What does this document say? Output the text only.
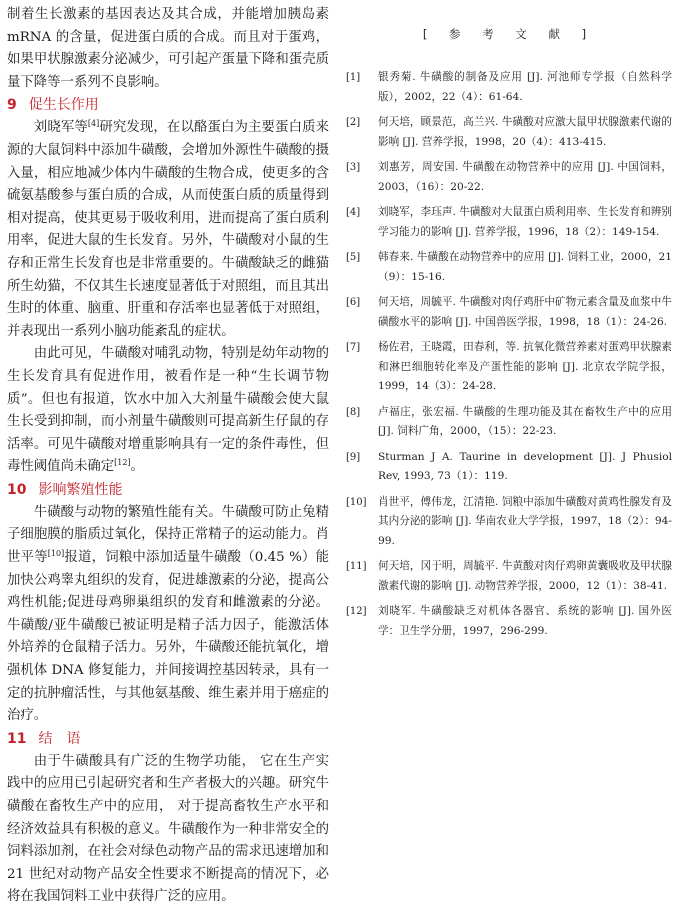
制着生长激素的基因表达及其合成，并能增加胰岛素 mRNA 的含量，促进蛋白质的合成。而且对于蛋鸡，如果甲状腺激素分泌减少，可引起产蛋量下降和蛋壳质量下降等一系列不良影响。

9 促生长作用

刘晓军等[4]研究发现，在以酪蛋白为主要蛋白质来源的大鼠饲料中添加牛磺酸，会增加外源性牛磺酸的摄入量，相应地减少体内牛磺酸的生物合成，使更多的含硫氨基酸参与蛋白质的合成，从而使蛋白质的质量得到相对提高，使其更易于吸收利用，进而提高了蛋白质利用率，促进大鼠的生长发育。另外，牛磺酸对小鼠的生存和正常生长发育也是非常重要的。牛磺酸缺乏的雌猫所生幼猫，不仅其生长速度显著低于对照组，而且其出生时的体重、脑重、肝重和存活率也显著低于对照组，并表现出一系列小脑功能紊乱的症状。

由此可见，牛磺酸对哺乳动物，特别是幼年动物的生长发育具有促进作用，被看作是一种“生长调节物质”。但也有报道，饮水中加入大剂量牛磺酸会使大鼠生长受到抑制，而小剂量牛磺酸则可提高新生仔鼠的存活率。可见牛磺酸对增重影响具有一定的条件毒性，但毒性阈值尚未确定[12]。

10 影响繁殖性能

牛磺酸与动物的繁殖性能有关。牛磺酸可防止兔精子细胞膜的脂质过氧化，保持正常精子的运动能力。肖世平等[10]报道，饲粮中添加适量牛磺酸（0.45 %）能加快公鸡睾丸组织的发育，促进雄激素的分泌，提高公鸡性机能;促进母鸡卵巢组织的发育和雌激素的分泌。牛磺酸/亚牛磺酸已被证明是精子活力因子，能激活体外培养的仓鼠精子活力。另外，牛磺酸还能抗氧化，增强机体 DNA 修复能力，并间接调控基因转录，具有一定的抗肿瘤活性，与其他氨基酸、维生素并用于癌症的治疗。

11 结　语

由于牛磺酸具有广泛的生物学功能， 它在生产实践中的应用已引起研究者和生产者极大的兴趣。研究牛磺酸在畜牧生产中的应用， 对于提高畜牧生产水平和经济效益具有积极的意义。牛磺酸作为一种非常安全的饲料添加剂，在社会对绿色动物产品的需求迅速增加和 21 世纪对动物产品安全性要求不断提高的情况下，必将在我国饲料工业中获得广泛的应用。

[ 参 考 文 献 ]
[1]	银秀菊. 牛磺酸的制备及应用 [J]. 河池师专学报（自然科学版），2002，22（4）：61-64.
[2]	何天培，顾景范，高兰兴. 牛磺酸对应激大鼠甲状腺激素代谢的影响 [J]. 营养学报，1998，20（4）：413-415.
[3]	刘惠芳，周安国. 牛磺酸在动物营养中的应用 [J]. 中国饲料，2003，（16）：20-22.
[4]	刘晓军，李珏声. 牛磺酸对大鼠蛋白质利用率、生长发育和辨别学习能力的影响 [J]. 营养学报，1996，18（2）：149-154.
[5]	韩春来. 牛磺酸在动物营养中的应用 [J]. 饲料工业，2000，21（9）：15-16.
[6]	何天培，周毓平. 牛磺酸对肉仔鸡肝中矿物元素含量及血浆中牛磺酸水平的影响 [J]. 中国兽医学报，1998，18（1）：24-26.
[7]	杨佐君，王晓霞，田春利，等. 抗氧化微营养素对蛋鸡甲状腺素和淋巴细胞转化率及产蛋性能的影响 [J]. 北京农学院学报，1999，14（3）：24-28.
[8]	卢福庄，张宏福. 牛磺酸的生理功能及其在畜牧生产中的应用 [J]. 饲料广角，2000，（15）：22-23.
[9]	Sturman J A. Taurine in development [J]. J Phusiol Rev, 1993, 73（1）：119.
[10]	肖世平，傅伟龙，江清艳. 饲粮中添加牛磺酸对黄鸡性腺发育及其内分泌的影响 [J]. 华南农业大学学报，1997，18（2）：94-99.
[11]	何天培，冈于明，周毓平. 牛黄酸对肉仔鸡卵黄囊吸收及甲状腺激素代谢的影响 [J]. 动物营养学报，2000，12（1）：38-41.
[12]	刘晓军. 牛磺酸缺乏对机体各器官、系统的影响 [J]. 国外医学：卫生学分册，1997，296-299.
